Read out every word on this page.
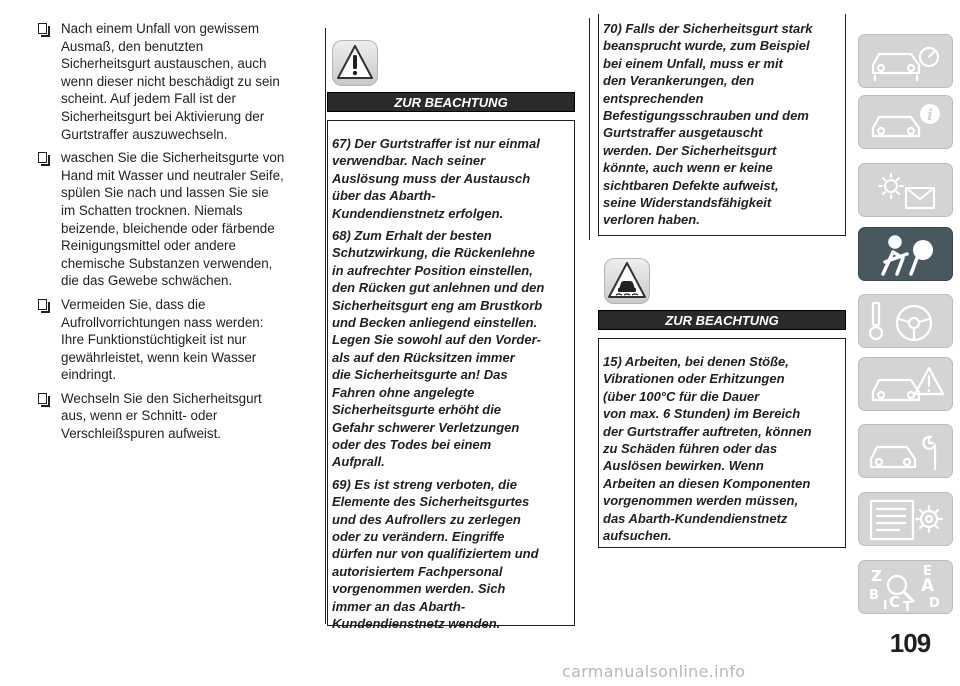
Nach einem Unfall von gewissem
Ausmaß, den benutzten
Sicherheitsgurt austauschen, auch
wenn dieser nicht beschädigt zu sein
scheint. Auf jedem Fall ist der
Sicherheitsgurt bei Aktivierung der
Gurtstraffer auszuwechseln.
waschen Sie die Sicherheitsgurte von
Hand mit Wasser und neutraler Seife,
spülen Sie nach und lassen Sie sie
im Schatten trocknen. Niemals
beizende, bleichende oder färbende
Reinigungsmittel oder andere
chemische Substanzen verwenden,
die das Gewebe schwächen.
Vermeiden Sie, dass die
Aufrollvorrichtungen nass werden:
Ihre Funktionstüchtigkeit ist nur
gewährleistet, wenn kein Wasser
eindringt.
Wechseln Sie den Sicherheitsgurt
aus, wenn er Schnitt- oder
Verschleißspuren aufweist.
ZUR BEACHTUNG
67) Der Gurtstraffer ist nur einmal
verwendbar. Nach seiner
Auslösung muss der Austausch
über das Abarth-
Kundendienstnetz erfolgen.
68) Zum Erhalt der besten
Schutzwirkung, die Rückenlehne
in aufrechter Position einstellen,
den Rücken gut anlehnen und den
Sicherheitsgurt eng am Brustkorb
und Becken anliegend einstellen.
Legen Sie sowohl auf den Vorder-
als auf den Rücksitzen immer
die Sicherheitsgurte an! Das
Fahren ohne angelegte
Sicherheitsgurte erhöht die
Gefahr schwerer Verletzungen
oder des Todes bei einem
Aufprall.
69) Es ist streng verboten, die
Elemente des Sicherheitsgurtes
und des Aufrollers zu zerlegen
oder zu verändern. Eingriffe
dürfen nur von qualifiziertem und
autorisiertem Fachpersonal
vorgenommen werden. Sich
immer an das Abarth-
Kundendienstnetz wenden.
70) Falls der Sicherheitsgurt stark
beansprucht wurde, zum Beispiel
bei einem Unfall, muss er mit
den Verankerungen, den
entsprechenden
Befestigungsschrauben und dem
Gurtstraffer ausgetauscht
werden. Der Sicherheitsgurt
könnte, auch wenn er keine
sichtbaren Defekte aufweist,
seine Widerstandsfähigkeit
verloren haben.
ZUR BEACHTUNG
15) Arbeiten, bei denen Stöße,
Vibrationen oder Erhitzungen
(über 100°C für die Dauer
von max. 6 Stunden) im Bereich
der Gurtstraffer auftreten, können
zu Schäden führen oder das
Auslösen bewirken. Wenn
Arbeiten an diesen Komponenten
vorgenommen werden müssen,
das Abarth-Kundendienstnetz
aufsuchen.
i
Z	E
B A
I C T D
109
carmanualsonline.info
